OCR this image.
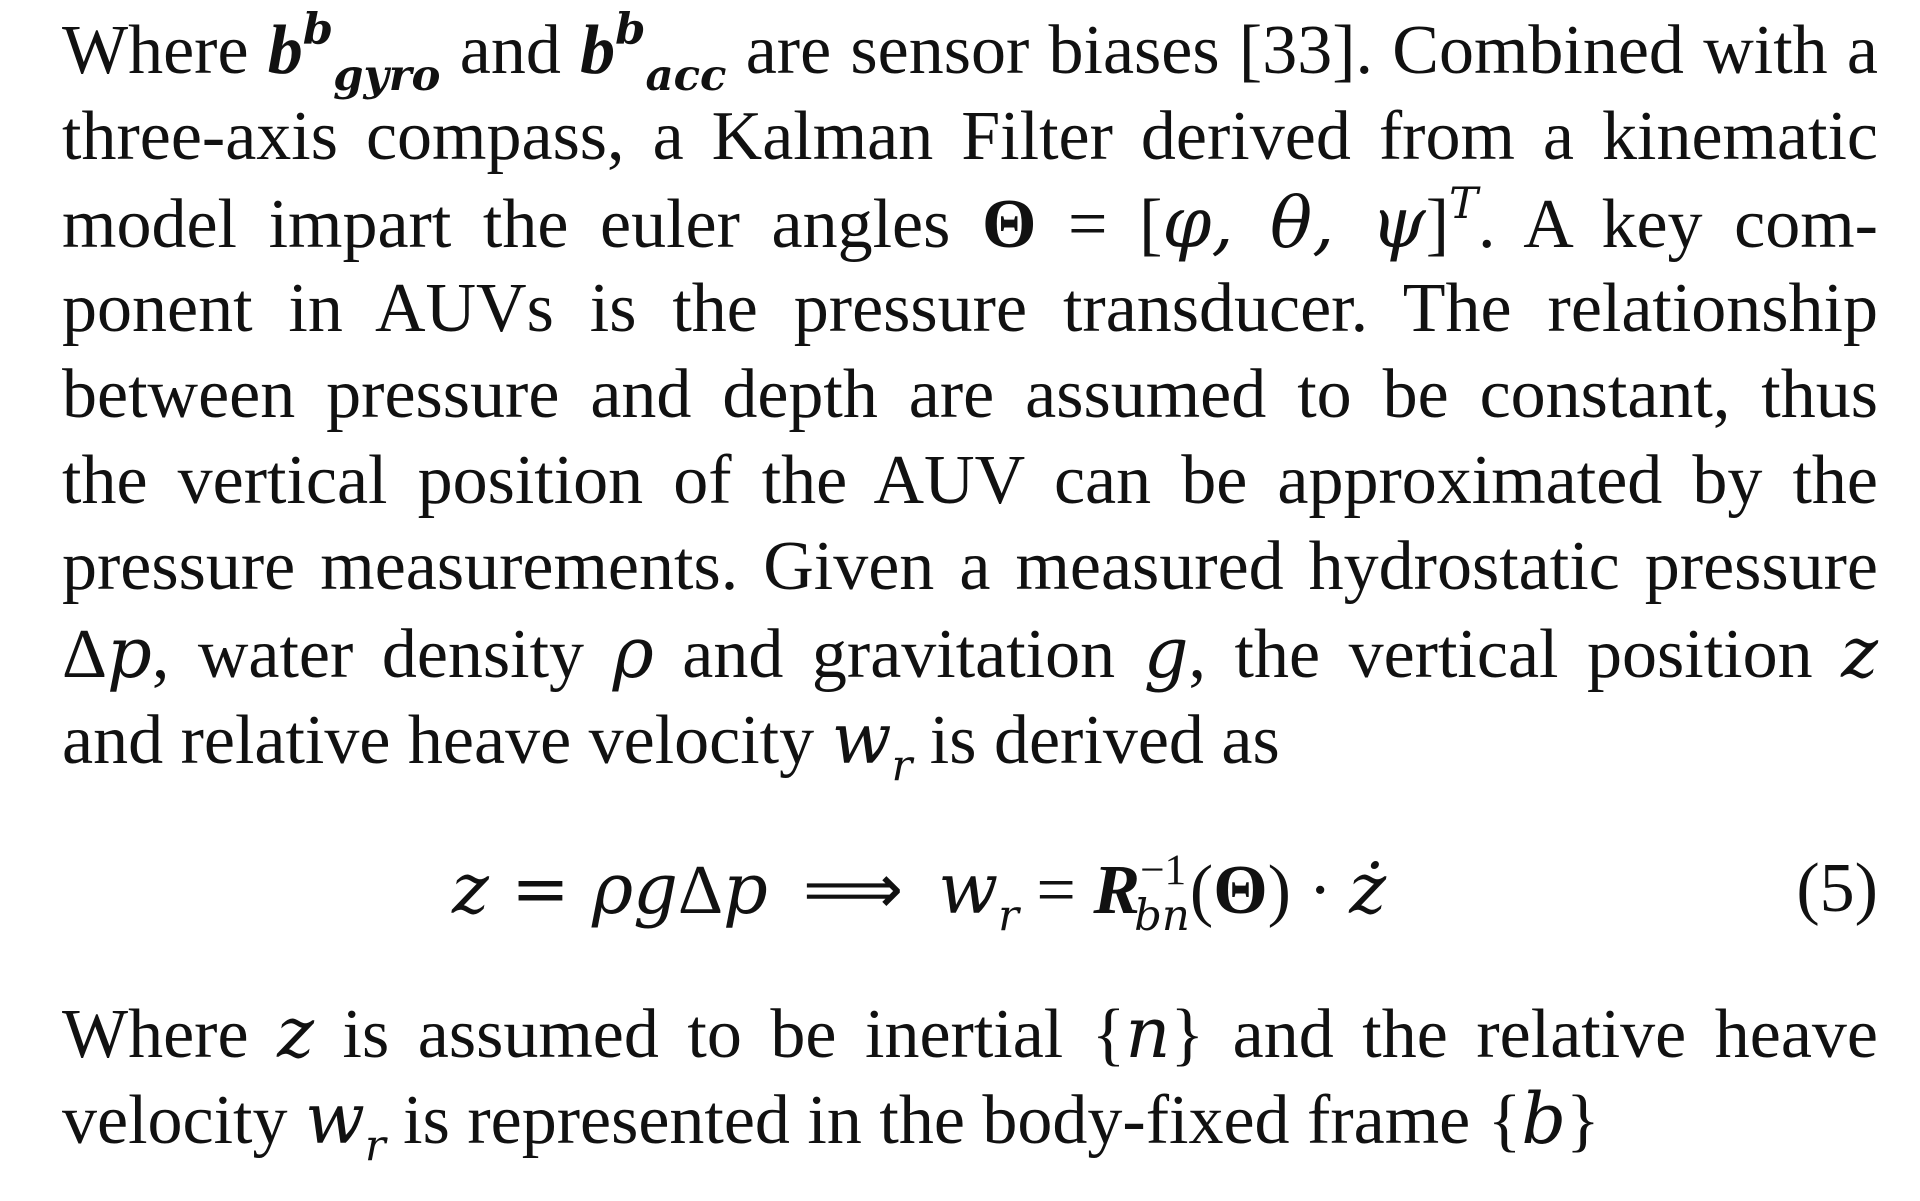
Where $b^b_{gyro}$ and $b^b_{acc}$ are sensor biases [33]. Combined with a
three-axis compass, a Kalman Filter derived from a kinematic
model impart the euler angles Θ = [φ, θ, ψ]$^T$. A key com-
ponent in AUVs is the pressure transducer. The relationship
between pressure and depth are assumed to be constant, thus
the vertical position of the AUV can be approximated by the
pressure measurements. Given a measured hydrostatic pressure
Δp, water density ρ and gravitation g, the vertical position z
and relative heave velocity $w_r$ is derived as
z = ρgΔp  ⟹  $w_r = R^{-1}_{bn}(\Theta)$ · ż	(5)
Where z is assumed to be inertial {n} and the relative heave
velocity $w_r$ is represented in the body-fixed frame {b}
